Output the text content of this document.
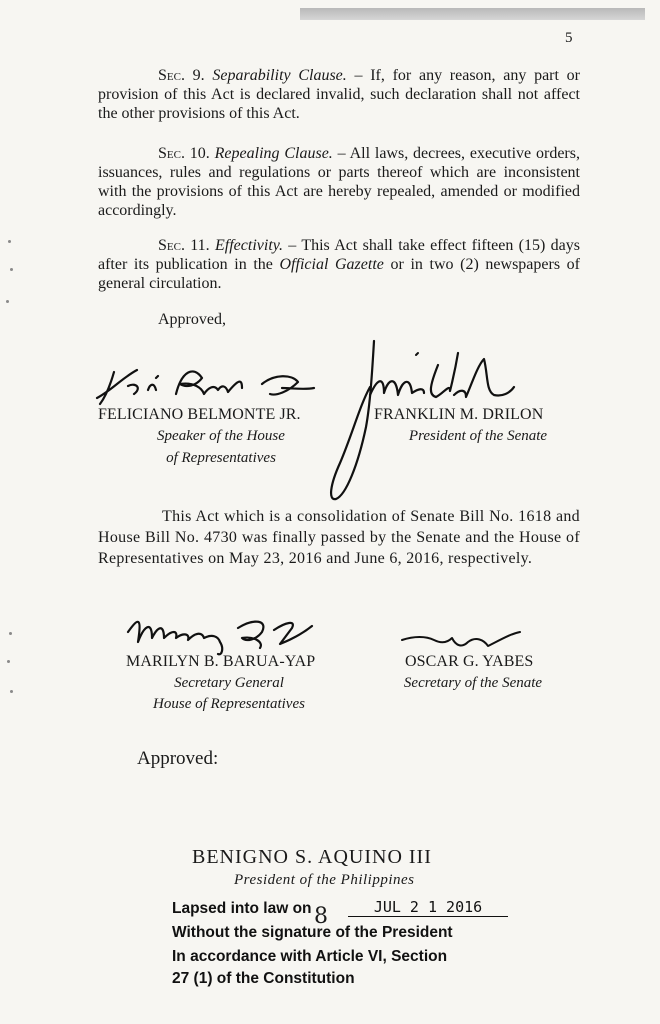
5
Sec. 9. Separability Clause. – If, for any reason, any part or provision of this Act is declared invalid, such declaration shall not affect the other provisions of this Act.
Sec. 10. Repealing Clause. – All laws, decrees, executive orders, issuances, rules and regulations or parts thereof which are inconsistent with the provisions of this Act are hereby repealed, amended or modified accordingly.
Sec. 11. Effectivity. – This Act shall take effect fifteen (15) days after its publication in the Official Gazette or in two (2) newspapers of general circulation.
Approved,
FELICIANO BELMONTE JR.
Speaker of the House
of Representatives
FRANKLIN M. DRILON
President of the Senate
This Act which is a consolidation of Senate Bill No. 1618 and House Bill No. 4730 was finally passed by the Senate and the House of Representatives on May 23, 2016 and June 6, 2016, respectively.
MARILYN B. BARUA-YAP
Secretary General
House of Representatives
OSCAR G. YABES
Secretary of the Senate
Approved:
BENIGNO S. AQUINO III
President of the Philippines
Lapsed into law on 8	JUL 2 1 2016
Without the signature of the President
In accordance with Article VI, Section
27 (1) of the Constitution
